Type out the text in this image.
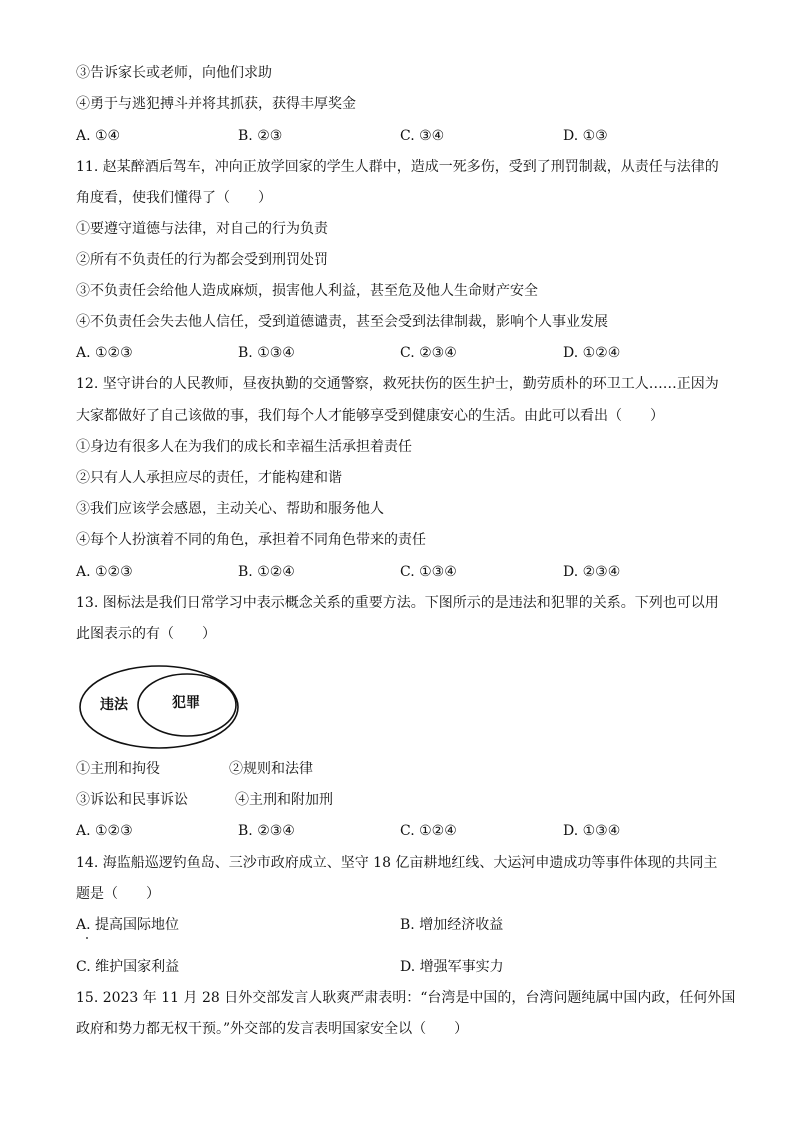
③告诉家长或老师，向他们求助
④勇于与逃犯搏斗并将其抓获，获得丰厚奖金
A. ①④	B. ②③	C. ③④	D. ①③
11. 赵某醉酒后驾车，冲向正放学回家的学生人群中，造成一死多伤，受到了刑罚制裁，从责任与法律的
角度看，使我们懂得了（　　）
①要遵守道德与法律，对自己的行为负责
②所有不负责任的行为都会受到刑罚处罚
③不负责任会给他人造成麻烦，损害他人利益，甚至危及他人生命财产安全
④不负责任会失去他人信任，受到道德谴责，甚至会受到法律制裁，影响个人事业发展
A. ①②③	B. ①③④	C. ②③④	D. ①②④
12. 坚守讲台的人民教师，昼夜执勤的交通警察，救死扶伤的医生护士，勤劳质朴的环卫工人……正因为
大家都做好了自己该做的事，我们每个人才能够享受到健康安心的生活。由此可以看出（　　）
①身边有很多人在为我们的成长和幸福生活承担着责任
②只有人人承担应尽的责任，才能构建和谐
③我们应该学会感恩，主动关心、帮助和服务他人
④每个人扮演着不同的角色，承担着不同角色带来的责任
A. ①②③	B. ①②④	C. ①③④	D. ②③④
13. 图标法是我们日常学习中表示概念关系的重要方法。下图所示的是违法和犯罪的关系。下列也可以用
此图表示的有（　　）
违法	犯罪
①主刑和拘役	②规则和法律
③诉讼和民事诉讼	④主刑和附加刑
A. ①②③	B. ②③④	C. ①②④	D. ①③④
14. 海监船巡逻钓鱼岛、三沙市政府成立、坚守 18 亿亩耕地红线、大运河申遗成功等事件体现的共同主
题是（　　）
A. 提高国际地位	B. 增加经济收益
C. 维护国家利益	D. 增强军事实力
15. 2023 年 11 月 28 日外交部发言人耿爽严肃表明：“台湾是中国的，台湾问题纯属中国内政，任何外国
政府和势力都无权干预。”外交部的发言表明国家安全以（　　）
